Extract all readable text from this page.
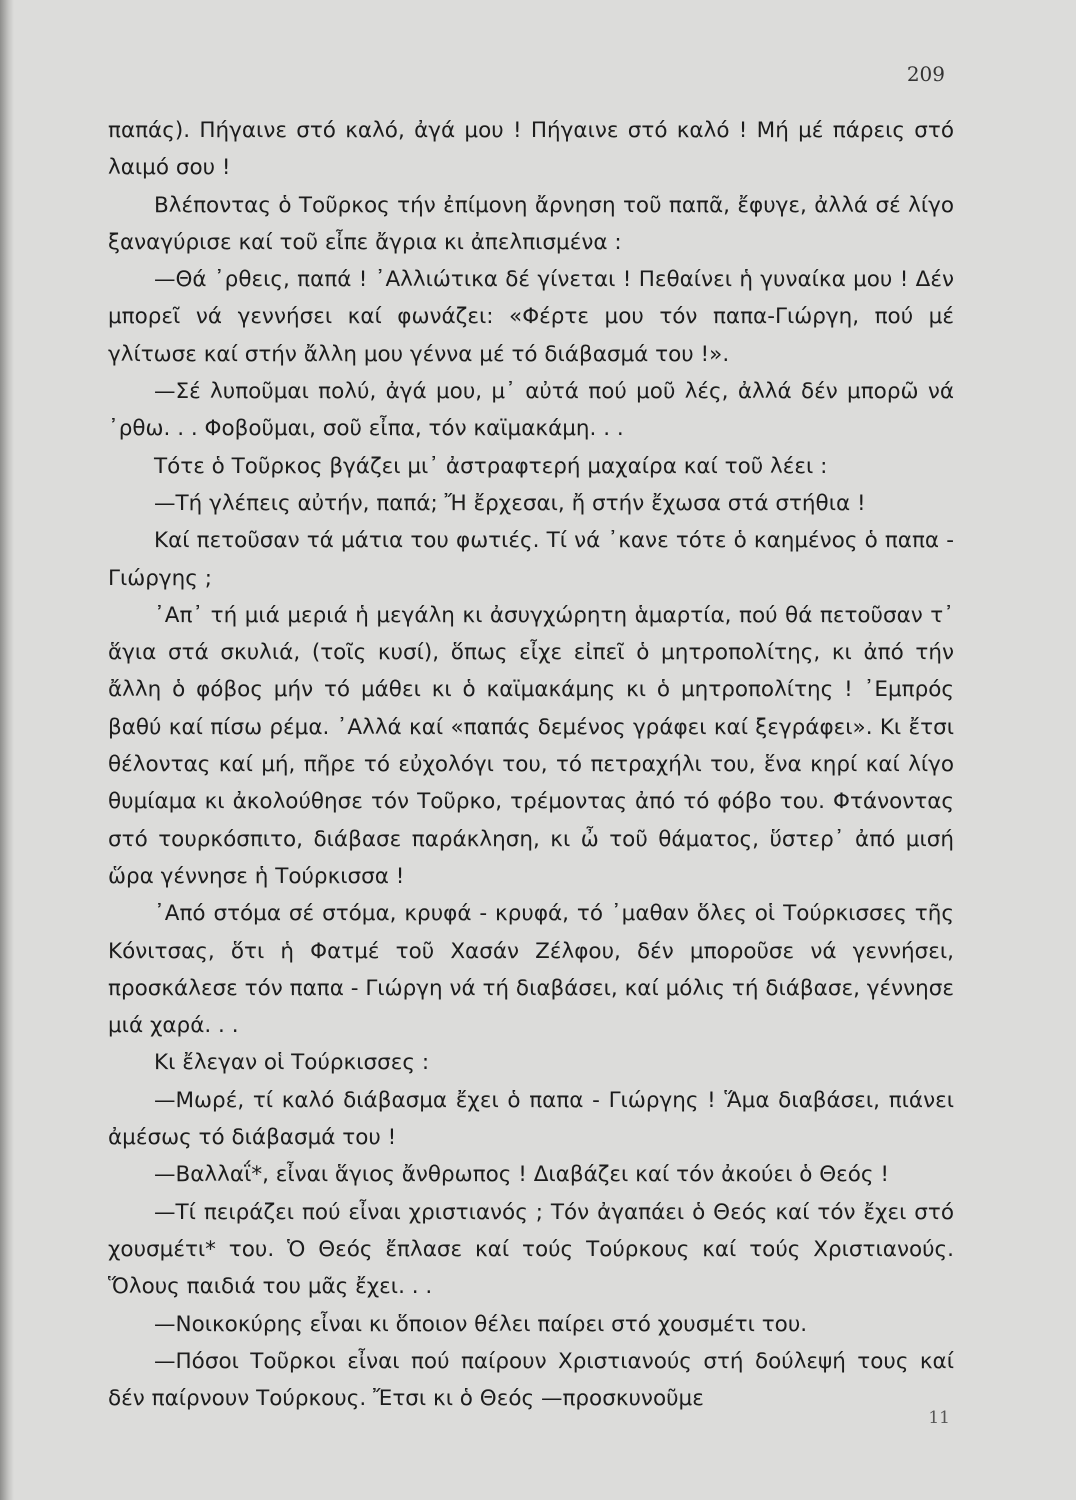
209

παπάς). Πήγαινε στό καλό, ἀγά μου ! Πήγαινε στό καλό ! Μή μέ πάρεις στό λαιμό σου !

Βλέποντας ὁ Τοῦρκος τήν ἐπίμονη ἄρνηση τοῦ παπᾶ, ἔφυγε, ἀλλά σέ λίγο ξαναγύρισε καί τοῦ εἶπε ἄγρια κι ἀπελπισμένα :

—Θά ᾽ρθεις, παπά ! ᾽Αλλιώτικα δέ γίνεται ! Πεθαίνει ἡ γυναίκα μου ! Δέν μπορεῖ νά γεννήσει καί φωνάζει: «Φέρτε μου τόν παπα-Γιώργη, πού μέ γλίτωσε καί στήν ἄλλη μου γέννα μέ τό διάβασμά του !».

—Σέ λυποῦμαι πολύ, ἀγά μου, μ᾽ αὐτά πού μοῦ λές, ἀλλά δέν μπορῶ νά ᾽ρθω. . . Φοβοῦμαι, σοῦ εἶπα, τόν καϊμακάμη. . .

Τότε ὁ Τοῦρκος βγάζει μι᾽ ἀστραφτερή μαχαίρα καί τοῦ λέει :

—Τή γλέπεις αὐτήν, παπά; Ἤ ἔρχεσαι, ἤ στήν ἔχωσα στά στήθια !

Καί πετοῦσαν τά μάτια του φωτιές. Τί νά ᾽κανε τότε ὁ καημένος ὁ παπα - Γιώργης ;

᾽Απ᾽ τή μιά μεριά ἡ μεγάλη κι ἀσυγχώρητη ἁμαρτία, πού θά πετοῦσαν τ᾽ ἅγια στά σκυλιά, (τοῖς κυσί), ὅπως εἶχε εἰπεῖ ὁ μητροπολίτης, κι ἀπό τήν ἄλλη ὁ φόβος μήν τό μάθει κι ὁ καϊμακάμης κι ὁ μητροπολίτης ! ᾽Εμπρός βαθύ καί πίσω ρέμα. ᾽Αλλά καί «παπάς δεμένος γράφει καί ξεγράφει». Κι ἔτσι θέλοντας καί μή, πῆρε τό εὐχολόγι του, τό πετραχήλι του, ἕνα κηρί καί λίγο θυμίαμα κι ἀκολούθησε τόν Τοῦρκο, τρέμοντας ἀπό τό φόβο του. Φτάνοντας στό τουρκόσπιτο, διάβασε παράκληση, κι ὦ τοῦ θάματος, ὕστερ᾽ ἀπό μισή ὥρα γέννησε ἡ Τούρκισσα !

᾽Από στόμα σέ στόμα, κρυφά - κρυφά, τό ᾽μαθαν ὅλες οἱ Τούρκισσες τῆς Κόνιτσας, ὅτι ἡ Φατμέ τοῦ Χασάν Ζέλφου, δέν μποροῦσε νά γεννήσει, προσκάλεσε τόν παπα - Γιώργη νά τή διαβάσει, καί μόλις τή διάβασε, γέννησε μιά χαρά. . .

Κι ἔλεγαν οἱ Τούρκισσες :

—Μωρέ, τί καλό διάβασμα ἔχει ὁ παπα - Γιώργης ! Ἅμα διαβάσει, πιάνει ἀμέσως τό διάβασμά του !

—Βαλλαΐ*, εἶναι ἅγιος ἄνθρωπος ! Διαβάζει καί τόν ἀκούει ὁ Θεός !

—Τί πειράζει πού εἶναι χριστιανός ; Τόν ἀγαπάει ὁ Θεός καί τόν ἔχει στό χουσμέτι* του. Ὁ Θεός ἔπλασε καί τούς Τούρκους καί τούς Χριστιανούς. Ὅλους παιδιά του μᾶς ἔχει. . .

—Νοικοκύρης εἶναι κι ὅποιον θέλει παίρει στό χουσμέτι του.

—Πόσοι Τοῦρκοι εἶναι πού παίρουν Χριστιανούς στή δούλεψή τους καί δέν παίρνουν Τούρκους. Ἔτσι κι ὁ Θεός —προσκυνοῦμε

11
